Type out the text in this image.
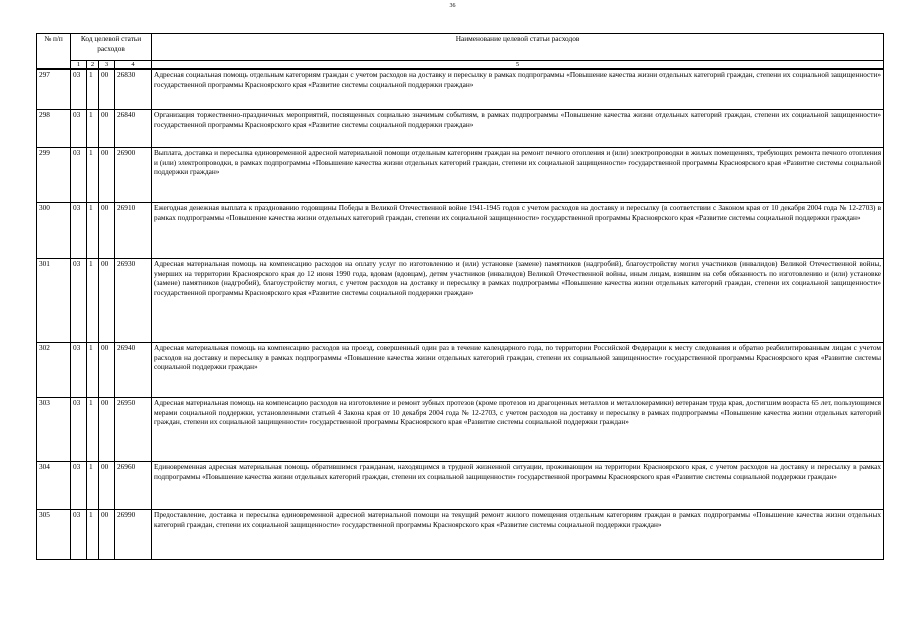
36
№ п/п	Код целевой статьи расходов				Наименование целевой статьи расходов
	1	2	3	4	5

297	03	1	00	26830	Адресная социальная помощь отдельным категориям граждан с учетом расходов на доставку и пересылку в рамках подпрограммы «Повышение качества жизни отдельных категорий граждан, степени их социальной защищенности» государственной программы Красноярского края «Развитие системы социальной поддержки граждан»
298	03	1	00	26840	Организация торжественно-праздничных мероприятий, посвященных социально значимым событиям, в рамках подпрограммы «Повышение качества жизни отдельных категорий граждан, степени их социальной защищенности» государственной программы Красноярского края «Развитие системы социальной поддержки граждан»
299	03	1	00	26900	Выплата, доставка и пересылка единовременной адресной материальной помощи отдельным категориям граждан на ремонт печного отопления и (или) электропроводки в жилых помещениях, требующих ремонта печного отопления и (или) электропроводки, в рамках подпрограммы «Повышение качества жизни отдельных категорий граждан, степени их социальной защищенности» государственной программы Красноярского края «Развитие системы социальной поддержки граждан»
300	03	1	00	26910	Ежегодная денежная выплата к празднованию годовщины Победы в Великой Отечественной войне 1941-1945 годов с учетом расходов на доставку и пересылку (в соответствии с Законом края от 10 декабря 2004 года № 12-2703) в рамках подпрограммы «Повышение качества жизни отдельных категорий граждан, степени их социальной защищенности» государственной программы Красноярского края «Развитие системы социальной поддержки граждан»
301	03	1	00	26930	Адресная материальная помощь на компенсацию расходов на оплату услуг по изготовлению и (или) установке (замене) памятников (надгробий), благоустройству могил участников (инвалидов) Великой Отечественной войны, умерших на территории Красноярского края до 12 июня 1990 года, вдовам (вдовцам), детям участников (инвалидов) Великой Отечественной войны, иным лицам, взявшим на себя обязанность по изготовлению и (или) установке (замене) памятников (надгробий), благоустройству могил, с учетом расходов на доставку и пересылку в рамках подпрограммы «Повышение качества жизни отдельных категорий граждан, степени их социальной защищенности» государственной программы Красноярского края «Развитие системы социальной поддержки граждан»
302	03	1	00	26940	Адресная материальная помощь на компенсацию расходов на проезд, совершенный один раз в течение календарного года, по территории Российской Федерации к месту следования и обратно реабилитированным лицам с учетом расходов на доставку и пересылку в рамках подпрограммы «Повышение качества жизни отдельных категорий граждан, степени их социальной защищенности» государственной программы Красноярского края «Развитие системы социальной поддержки граждан»
303	03	1	00	26950	Адресная материальная помощь на компенсацию расходов на изготовление и ремонт зубных протезов (кроме протезов из драгоценных металлов и металлокерамики) ветеранам труда края, достигшим возраста 65 лет, пользующимся мерами социальной поддержки, установленными статьей 4 Закона края от 10 декабря 2004 года № 12-2703, с учетом расходов на доставку и пересылку в рамках подпрограммы «Повышение качества жизни отдельных категорий граждан, степени их социальной защищенности» государственной программы Красноярского края «Развитие системы социальной поддержки граждан»
304	03	1	00	26960	Единовременная адресная материальная помощь обратившимся гражданам, находящимся в трудной жизненной ситуации, проживающим на территории Красноярского края, с учетом расходов на доставку и пересылку в рамках подпрограммы «Повышение качества жизни отдельных категорий граждан, степени их социальной защищенности» государственной программы Красноярского края «Развитие системы социальной поддержки граждан»
305	03	1	00	26990	Предоставление, доставка и пересылка единовременной адресной материальной помощи на текущий ремонт жилого помещения отдельным категориям граждан в рамках подпрограммы «Повышение качества жизни отдельных категорий граждан, степени их социальной защищенности» государственной программы Красноярского края «Развитие системы социальной поддержки граждан»
